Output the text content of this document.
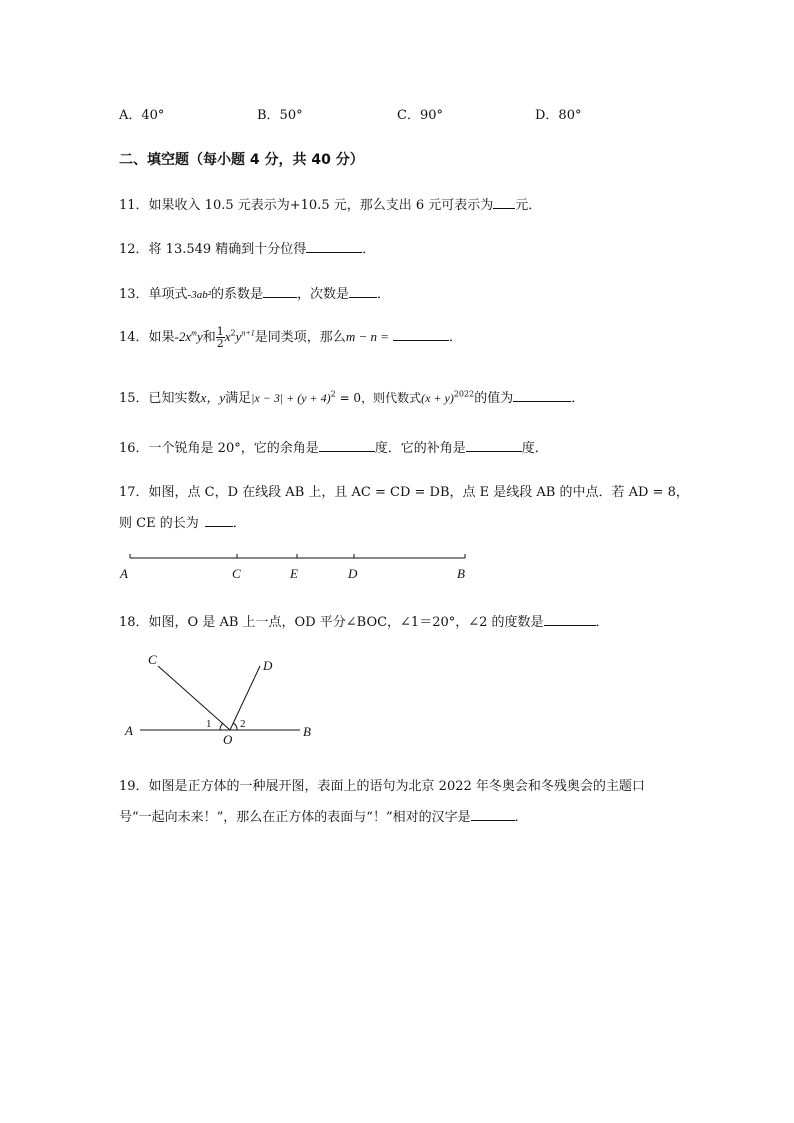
A．40°	B．50°	C．90°	D．80°
二、填空题（每小题 4 分，共 40 分）
11．如果收入 10.5 元表示为+10.5 元，那么支出 6 元可表示为 元．
12．将 13.549 精确到十分位得	．
13．单项式-3ab²的系数是	，次数是 ．
14．如果$-2x^my$和 $\frac{1}{2} x^2y^{n+1}$是同类项，那么m − n =	．
15．已知实数x，y满足$|x - 3| + (y + 4)^2 = 0$，则代数式$(x + y)^{2022}$的值为	．
16．一个锐角是 20°，它的余角是	度．它的补角是	度．
17．如图，点 C，D 在线段 AB 上，且 AC = CD = DB，点 E 是线段 AB 的中点．若 AD = 8，
则 CE 的长为	．
A	C	E	D	B
18．如图，O 是 AB 上一点，OD 平分∠BOC，∠1＝20°，∠2 的度数是	．
C	D
A	B
O
1	2
19．如图是正方体的一种展开图，表面上的语句为北京 2022 年冬奥会和冬残奥会的主题口
号“一起向未来！”，那么在正方体的表面与“！”相对的汉字是	．
